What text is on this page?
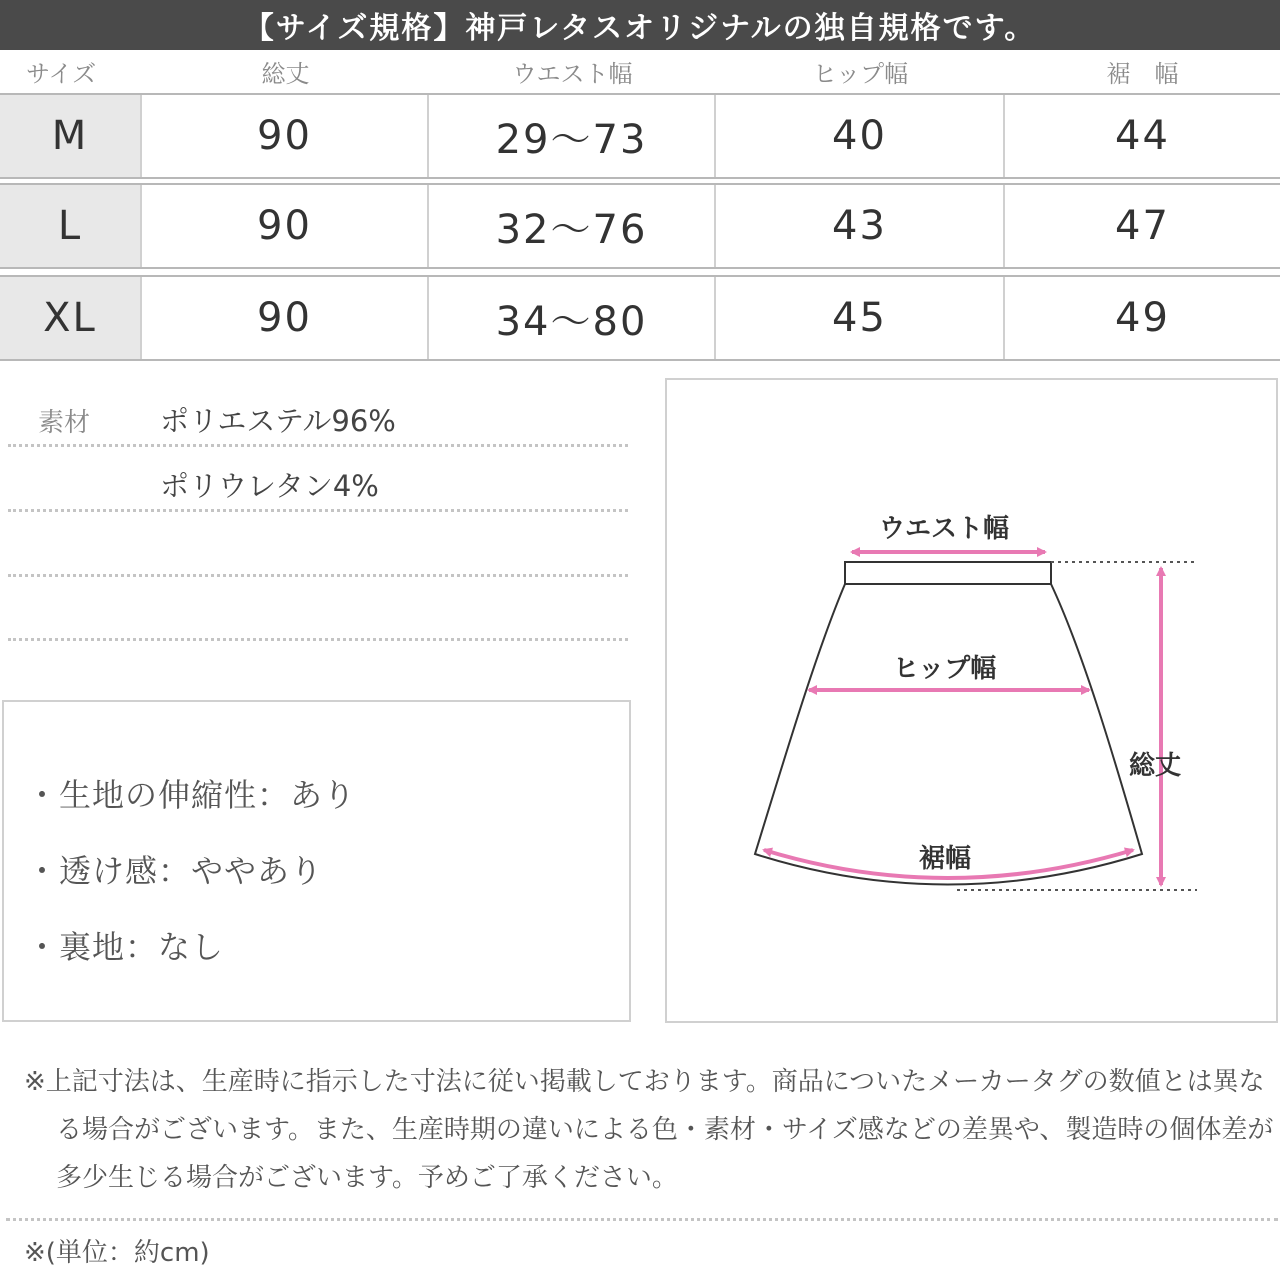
【サイズ規格】神戸レタスオリジナルの独自規格です。
サイズ	総丈	ウエスト幅	ヒップ幅	裾　幅
M	90	29〜73	40	44
L	90	32〜76	43	47
XL	90	34〜80	45	49
素材 ポリエステル96%
ポリウレタン4%
・生地の伸縮性：あり
・透け感：ややあり
・裏地：なし
ウエスト幅
ヒップ幅
総丈
裾幅
※上記寸法は、生産時に指示した寸法に従い掲載しております。商品についたメーカータグの数値とは異なる場合がございます。また、生産時期の違いによる色・素材・サイズ感などの差異や、製造時の個体差が多少生じる場合がございます。予めご了承ください。
※(単位：約cm)
